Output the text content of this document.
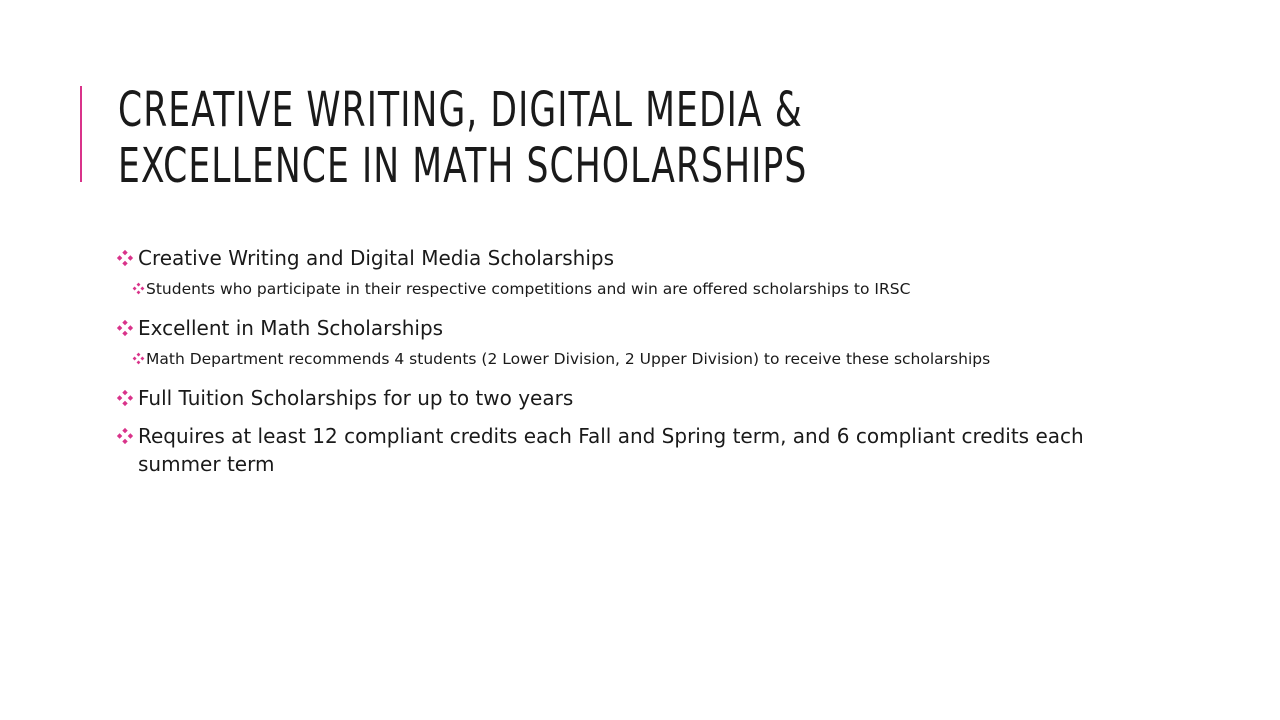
CREATIVE WRITING, DIGITAL MEDIA &
EXCELLENCE IN MATH SCHOLARSHIPS
Creative Writing and Digital Media Scholarships
Students who participate in their respective competitions and win are offered scholarships to IRSC
Excellent in Math Scholarships
Math Department recommends 4 students (2 Lower Division, 2 Upper Division) to receive these scholarships
Full Tuition Scholarships for up to two years
Requires at least 12 compliant credits each Fall and Spring term, and 6 compliant credits each summer term
